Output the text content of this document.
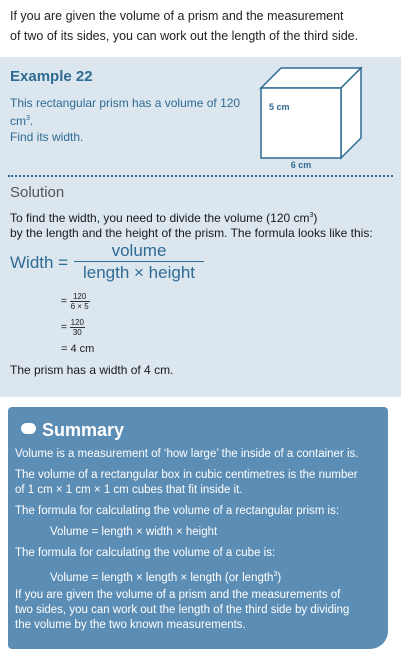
If you are given the volume of a prism and the measurement
of two of its sides, you can work out the length of the third side.
Example 22
This rectangular prism has a volume of 120 $cm^3$.
Find its width.
5 cm
6 cm
Solution
To find the width, you need to divide the volume (120 $cm^3$)
by the length and the height of the prism. The formula looks like this:
Width =
volume
length × height
= $\frac{120}{6 \times 5}$
= $\frac{120}{30}$
= 4 cm
The prism has a width of 4 cm.
Summary
Volume is a measurement of ‘how large’ the inside of a container is.
The volume of a rectangular box in cubic centimetres is the number
of 1 cm × 1 cm × 1 cm cubes that fit inside it.
The formula for calculating the volume of a rectangular prism is:
Volume = length × width × height
The formula for calculating the volume of a cube is:
Volume = length × length × length (or length$^3$)
If you are given the volume of a prism and the measurements of
two sides, you can work out the length of the third side by dividing
the volume by the two known measurements.
